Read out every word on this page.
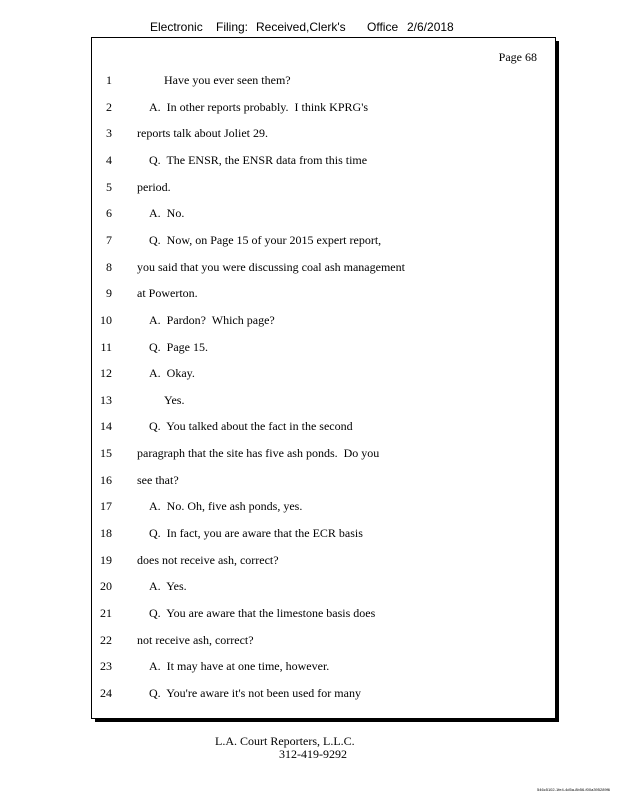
Electronic Filing: Received,Clerk's Office 2/6/2018
Page 68
1	Have you ever seen them?
2	A.  In other reports probably.  I think KPRG's
3 reports talk about Joliet 29.
4	Q.  The ENSR, the ENSR data from this time
5 period.
6	A.  No.
7	Q.  Now, on Page 15 of your 2015 expert report,
8 you said that you were discussing coal ash management
9 at Powerton.
10	A.  Pardon?  Which page?
11	Q.  Page 15.
12	A.  Okay.
13	Yes.
14	Q.  You talked about the fact in the second
15 paragraph that the site has five ash ponds.  Do you
16 see that?
17	A.  No. Oh, five ash ponds, yes.
18	Q.  In fact, you are aware that the ECR basis
19 does not receive ash, correct?
20	A.  Yes.
21	Q.  You are aware that the limestone basis does
22 not receive ash, correct?
23	A.  It may have at one time, however.
24	Q.  You're aware it's not been used for many
L.A. Court Reporters, L.L.C.
312-419-9292
546c5102-1fe4-4d5a-8b56-f00a395289f6
